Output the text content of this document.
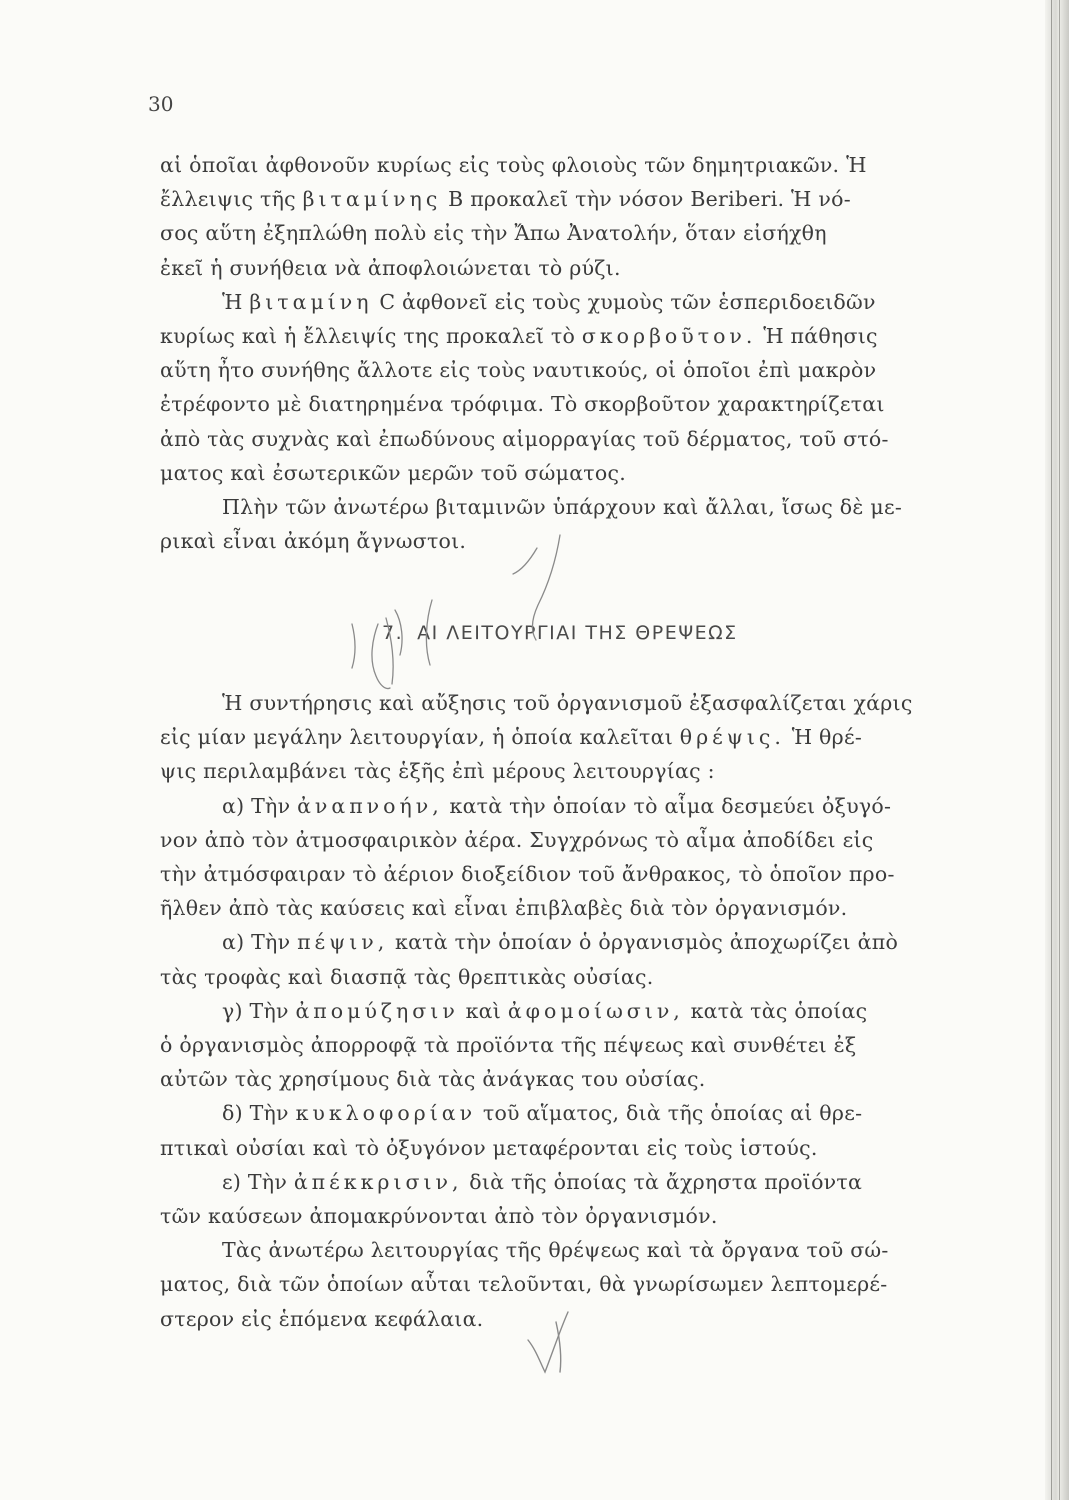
30

αἱ ὁποῖαι ἀφθονοῦν κυρίως εἰς τοὺς φλοιοὺς τῶν δημητριακῶν. Ἡ

ἔλλειψις τῆς βιταμίνης B προκαλεῖ τὴν νόσον Beriberi. Ἡ νό-

σος αὕτη ἐξηπλώθη πολὺ εἰς τὴν Ἄπω Ἀνατολήν, ὅταν εἰσήχθη

ἐκεῖ ἡ συνήθεια νὰ ἀποφλοιώνεται τὸ ρύζι.

Ἡ βιταμίνη C ἀφθονεῖ εἰς τοὺς χυμοὺς τῶν ἑσπεριδοειδῶν

κυρίως καὶ ἡ ἔλλειψίς της προκαλεῖ τὸ σκορβοῦτον. Ἡ πάθησις

αὕτη ἦτο συνήθης ἄλλοτε εἰς τοὺς ναυτικούς, οἱ ὁποῖοι ἐπὶ μακρὸν

ἐτρέφοντο μὲ διατηρημένα τρόφιμα. Τὸ σκορβοῦτον χαρακτηρίζεται

ἀπὸ τὰς συχνὰς καὶ ἐπωδύνους αἱμορραγίας τοῦ δέρματος, τοῦ στό-

ματος καὶ ἐσωτερικῶν μερῶν τοῦ σώματος.

Πλὴν τῶν ἀνωτέρω βιταμινῶν ὑπάρχουν καὶ ἄλλαι, ἴσως δὲ με-

ρικαὶ εἶναι ἀκόμη ἄγνωστοι.

7. ΑΙ ΛΕΙΤΟΥΡΓΙΑΙ ΤΗΣ ΘΡΕΨΕΩΣ

Ἡ συντήρησις καὶ αὔξησις τοῦ ὀργανισμοῦ ἐξασφαλίζεται χάρις

εἰς μίαν μεγάλην λειτουργίαν, ἡ ὁποία καλεῖται θρέψις. Ἡ θρέ-

ψις περιλαμβάνει τὰς ἑξῆς ἐπὶ μέρους λειτουργίας :

α) Τὴν ἀναπνοήν, κατὰ τὴν ὁποίαν τὸ αἷμα δεσμεύει ὀξυγό-

νον ἀπὸ τὸν ἀτμοσφαιρικὸν ἀέρα. Συγχρόνως τὸ αἷμα ἀποδίδει εἰς

τὴν ἀτμόσφαιραν τὸ ἀέριον διοξείδιον τοῦ ἄνθρακος, τὸ ὁποῖον προ-

ῆλθεν ἀπὸ τὰς καύσεις καὶ εἶναι ἐπιβλαβὲς διὰ τὸν ὀργανισμόν.

α) Τὴν πέψιν, κατὰ τὴν ὁποίαν ὁ ὀργανισμὸς ἀποχωρίζει ἀπὸ

τὰς τροφὰς καὶ διασπᾷ τὰς θρεπτικὰς οὐσίας.

γ) Τὴν ἀπομύζησιν καὶ ἀφομοίωσιν, κατὰ τὰς ὁποίας

ὁ ὀργανισμὸς ἀπορροφᾷ τὰ προϊόντα τῆς πέψεως καὶ συνθέτει ἐξ

αὐτῶν τὰς χρησίμους διὰ τὰς ἀνάγκας του οὐσίας.

δ) Τὴν κυκλοφορίαν τοῦ αἵματος, διὰ τῆς ὁποίας αἱ θρε-

πτικαὶ οὐσίαι καὶ τὸ ὀξυγόνον μεταφέρονται εἰς τοὺς ἱστούς.

ε) Τὴν ἀπέκκρισιν, διὰ τῆς ὁποίας τὰ ἄχρηστα προϊόντα

τῶν καύσεων ἀπομακρύνονται ἀπὸ τὸν ὀργανισμόν.

Τὰς ἀνωτέρω λειτουργίας τῆς θρέψεως καὶ τὰ ὄργανα τοῦ σώ-

ματος, διὰ τῶν ὁποίων αὗται τελοῦνται, θὰ γνωρίσωμεν λεπτομερέ-

στερον εἰς ἑπόμενα κεφάλαια.
